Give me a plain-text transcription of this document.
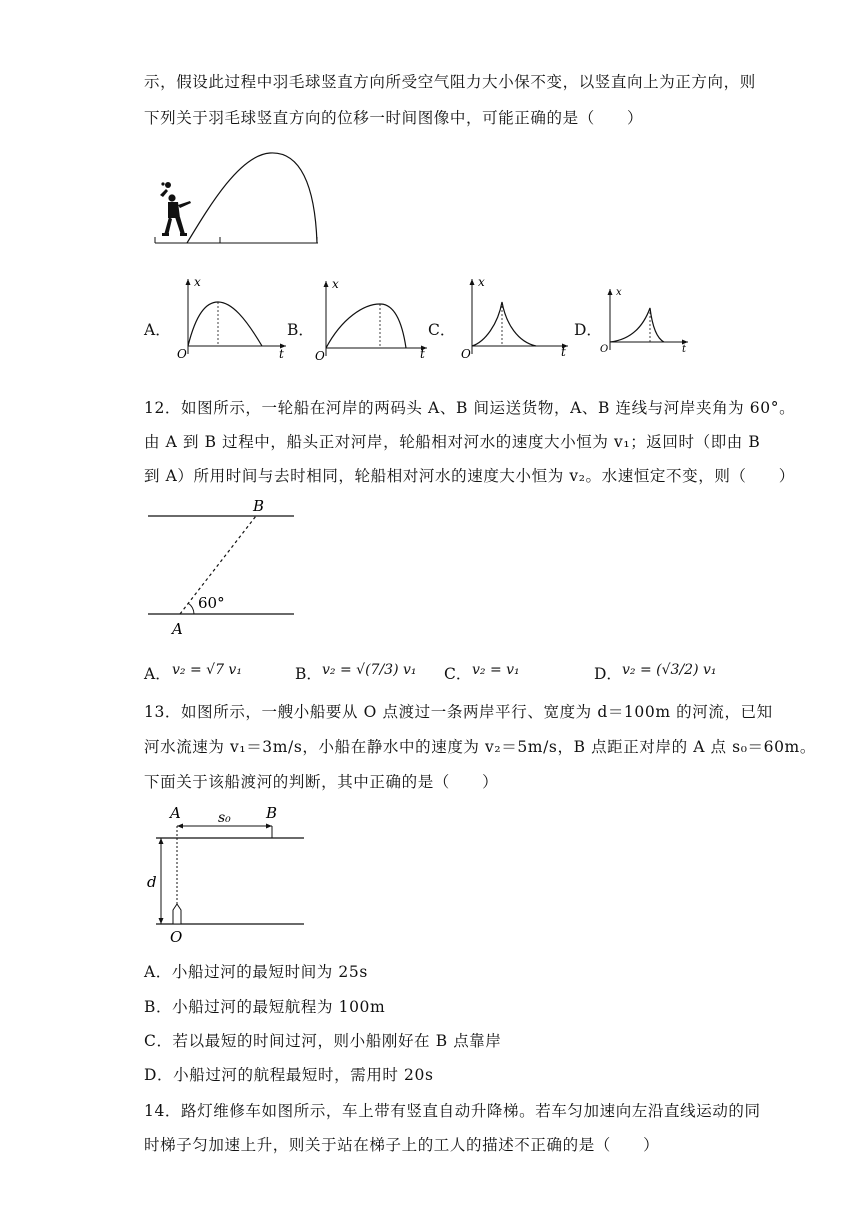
示，假设此过程中羽毛球竖直方向所受空气阻力大小保不变，以竖直向上为正方向，则
下列关于羽毛球竖直方向的位移一时间图像中，可能正确的是（　　）
A．
x
t
O
B．
x
t
O
C．
x
t
O
D．
x
t
O
12．如图所示，一轮船在河岸的两码头 A、B 间运送货物，A、B 连线与河岸夹角为 60°。
由 A 到 B 过程中，船头正对河岸，轮船相对河水的速度大小恒为 v₁；返回时（即由 B
到 A）所用时间与去时相同，轮船相对河水的速度大小恒为 v₂。水速恒定不变，则（　　）
B
A
60°
A． v₂ = √7 v₁	B． v₂ = √(7/3) v₁ C． v₂ = v₁	D． v₂ = (√3/2) v₁
13．如图所示，一艘小船要从 O 点渡过一条两岸平行、宽度为 d＝100m 的河流，已知
河水流速为 v₁＝3m/s，小船在静水中的速度为 v₂＝5m/s，B 点距正对岸的 A 点 s₀＝60m。
下面关于该船渡河的判断，其中正确的是（　　）
A	B
s₀
d
O
A．小船过河的最短时间为 25s
B．小船过河的最短航程为 100m
C．若以最短的时间过河，则小船刚好在 B 点靠岸
D．小船过河的航程最短时，需用时 20s
14．路灯维修车如图所示，车上带有竖直自动升降梯。若车匀加速向左沿直线运动的同
时梯子匀加速上升，则关于站在梯子上的工人的描述不正确的是（　　）
